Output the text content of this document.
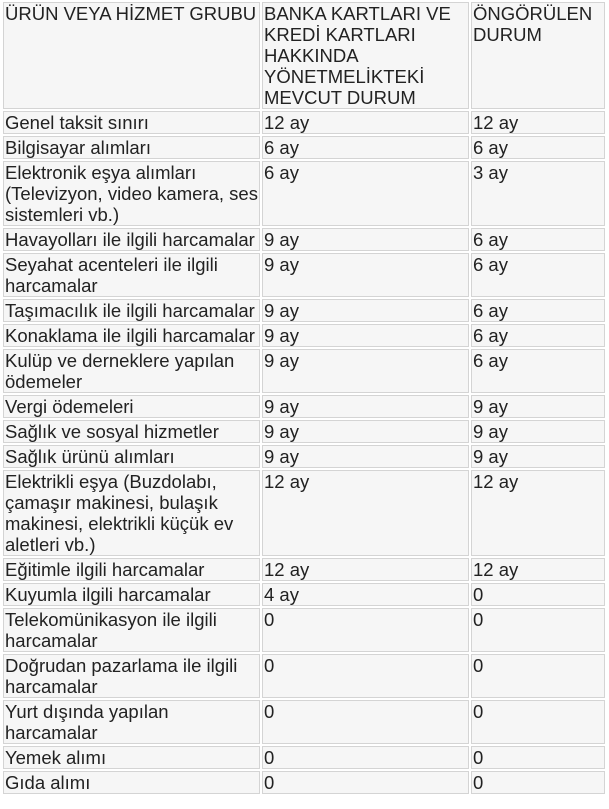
ÜRÜN VEYA HİZMET GRUBU	BANKA KARTLARI VE KREDİ KARTLARI HAKKINDA YÖNETMELİKTEKİ MEVCUT DURUM	ÖNGÖRÜLEN DURUM
Genel taksit sınırı	12 ay	12 ay
Bilgisayar alımları	6 ay	6 ay
Elektronik eşya alımları (Televizyon, video kamera, ses sistemleri vb.)	6 ay	3 ay
Havayolları ile ilgili harcamalar	9 ay	6 ay
Seyahat acenteleri ile ilgili harcamalar	9 ay	6 ay
Taşımacılık ile ilgili harcamalar	9 ay	6 ay
Konaklama ile ilgili harcamalar	9 ay	6 ay
Kulüp ve derneklere yapılan ödemeler	9 ay	6 ay
Vergi ödemeleri	9 ay	9 ay
Sağlık ve sosyal hizmetler	9 ay	9 ay
Sağlık ürünü alımları	9 ay	9 ay
Elektrikli eşya (Buzdolabı, çamaşır makinesi, bulaşık makinesi, elektrikli küçük ev aletleri vb.)	12 ay	12 ay
Eğitimle ilgili harcamalar	12 ay	12 ay
Kuyumla ilgili harcamalar	4 ay	0
Telekomünikasyon ile ilgili harcamalar	0	0
Doğrudan pazarlama ile ilgili harcamalar	0	0
Yurt dışında yapılan harcamalar	0	0
Yemek alımı	0	0
Gıda alımı	0	0
